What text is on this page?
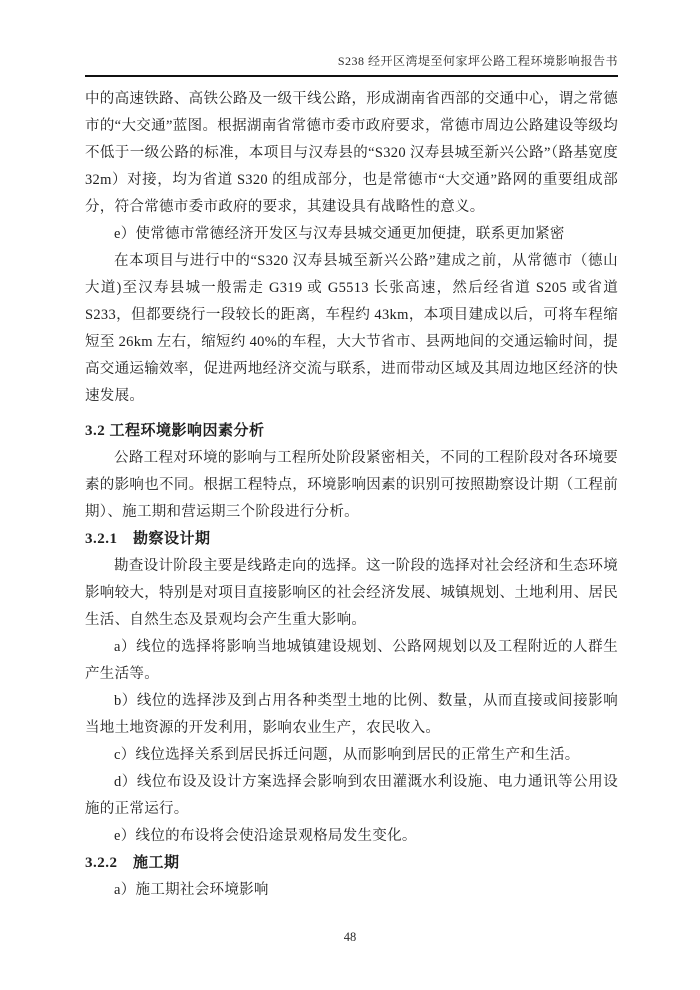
S238 经开区湾堤至何家坪公路工程环境影响报告书

中的高速铁路、高铁公路及一级干线公路，形成湖南省西部的交通中心，谓之常德市的“大交通”蓝图。根据湖南省常德市委市政府要求，常德市周边公路建设等级均不低于一级公路的标准，本项目与汉寿县的“S320 汉寿县城至新兴公路”（路基宽度32m）对接，均为省道 S320 的组成部分，也是常德市“大交通”路网的重要组成部分，符合常德市委市政府的要求，其建设具有战略性的意义。

e）使常德市常德经济开发区与汉寿县城交通更加便捷，联系更加紧密

在本项目与进行中的“S320 汉寿县城至新兴公路”建成之前，从常德市（德山大道)至汉寿县城一般需走 G319 或 G5513 长张高速，然后经省道 S205 或省道 S233，但都要绕行一段较长的距离，车程约 43km，本项目建成以后，可将车程缩短至 26km 左右，缩短约 40%的车程，大大节省市、县两地间的交通运输时间，提高交通运输效率，促进两地经济交流与联系，进而带动区域及其周边地区经济的快速发展。

3.2 工程环境影响因素分析

公路工程对环境的影响与工程所处阶段紧密相关，不同的工程阶段对各环境要素的影响也不同。根据工程特点，环境影响因素的识别可按照勘察设计期（工程前期）、施工期和营运期三个阶段进行分析。

3.2.1　勘察设计期

勘查设计阶段主要是线路走向的选择。这一阶段的选择对社会经济和生态环境影响较大，特别是对项目直接影响区的社会经济发展、城镇规划、土地利用、居民生活、自然生态及景观均会产生重大影响。

a）线位的选择将影响当地城镇建设规划、公路网规划以及工程附近的人群生产生活等。

b）线位的选择涉及到占用各种类型土地的比例、数量，从而直接或间接影响当地土地资源的开发利用，影响农业生产，农民收入。

c）线位选择关系到居民拆迁问题，从而影响到居民的正常生产和生活。

d）线位布设及设计方案选择会影响到农田灌溉水利设施、电力通讯等公用设施的正常运行。

e）线位的布设将会使沿途景观格局发生变化。

3.2.2　施工期

a）施工期社会环境影响

48
